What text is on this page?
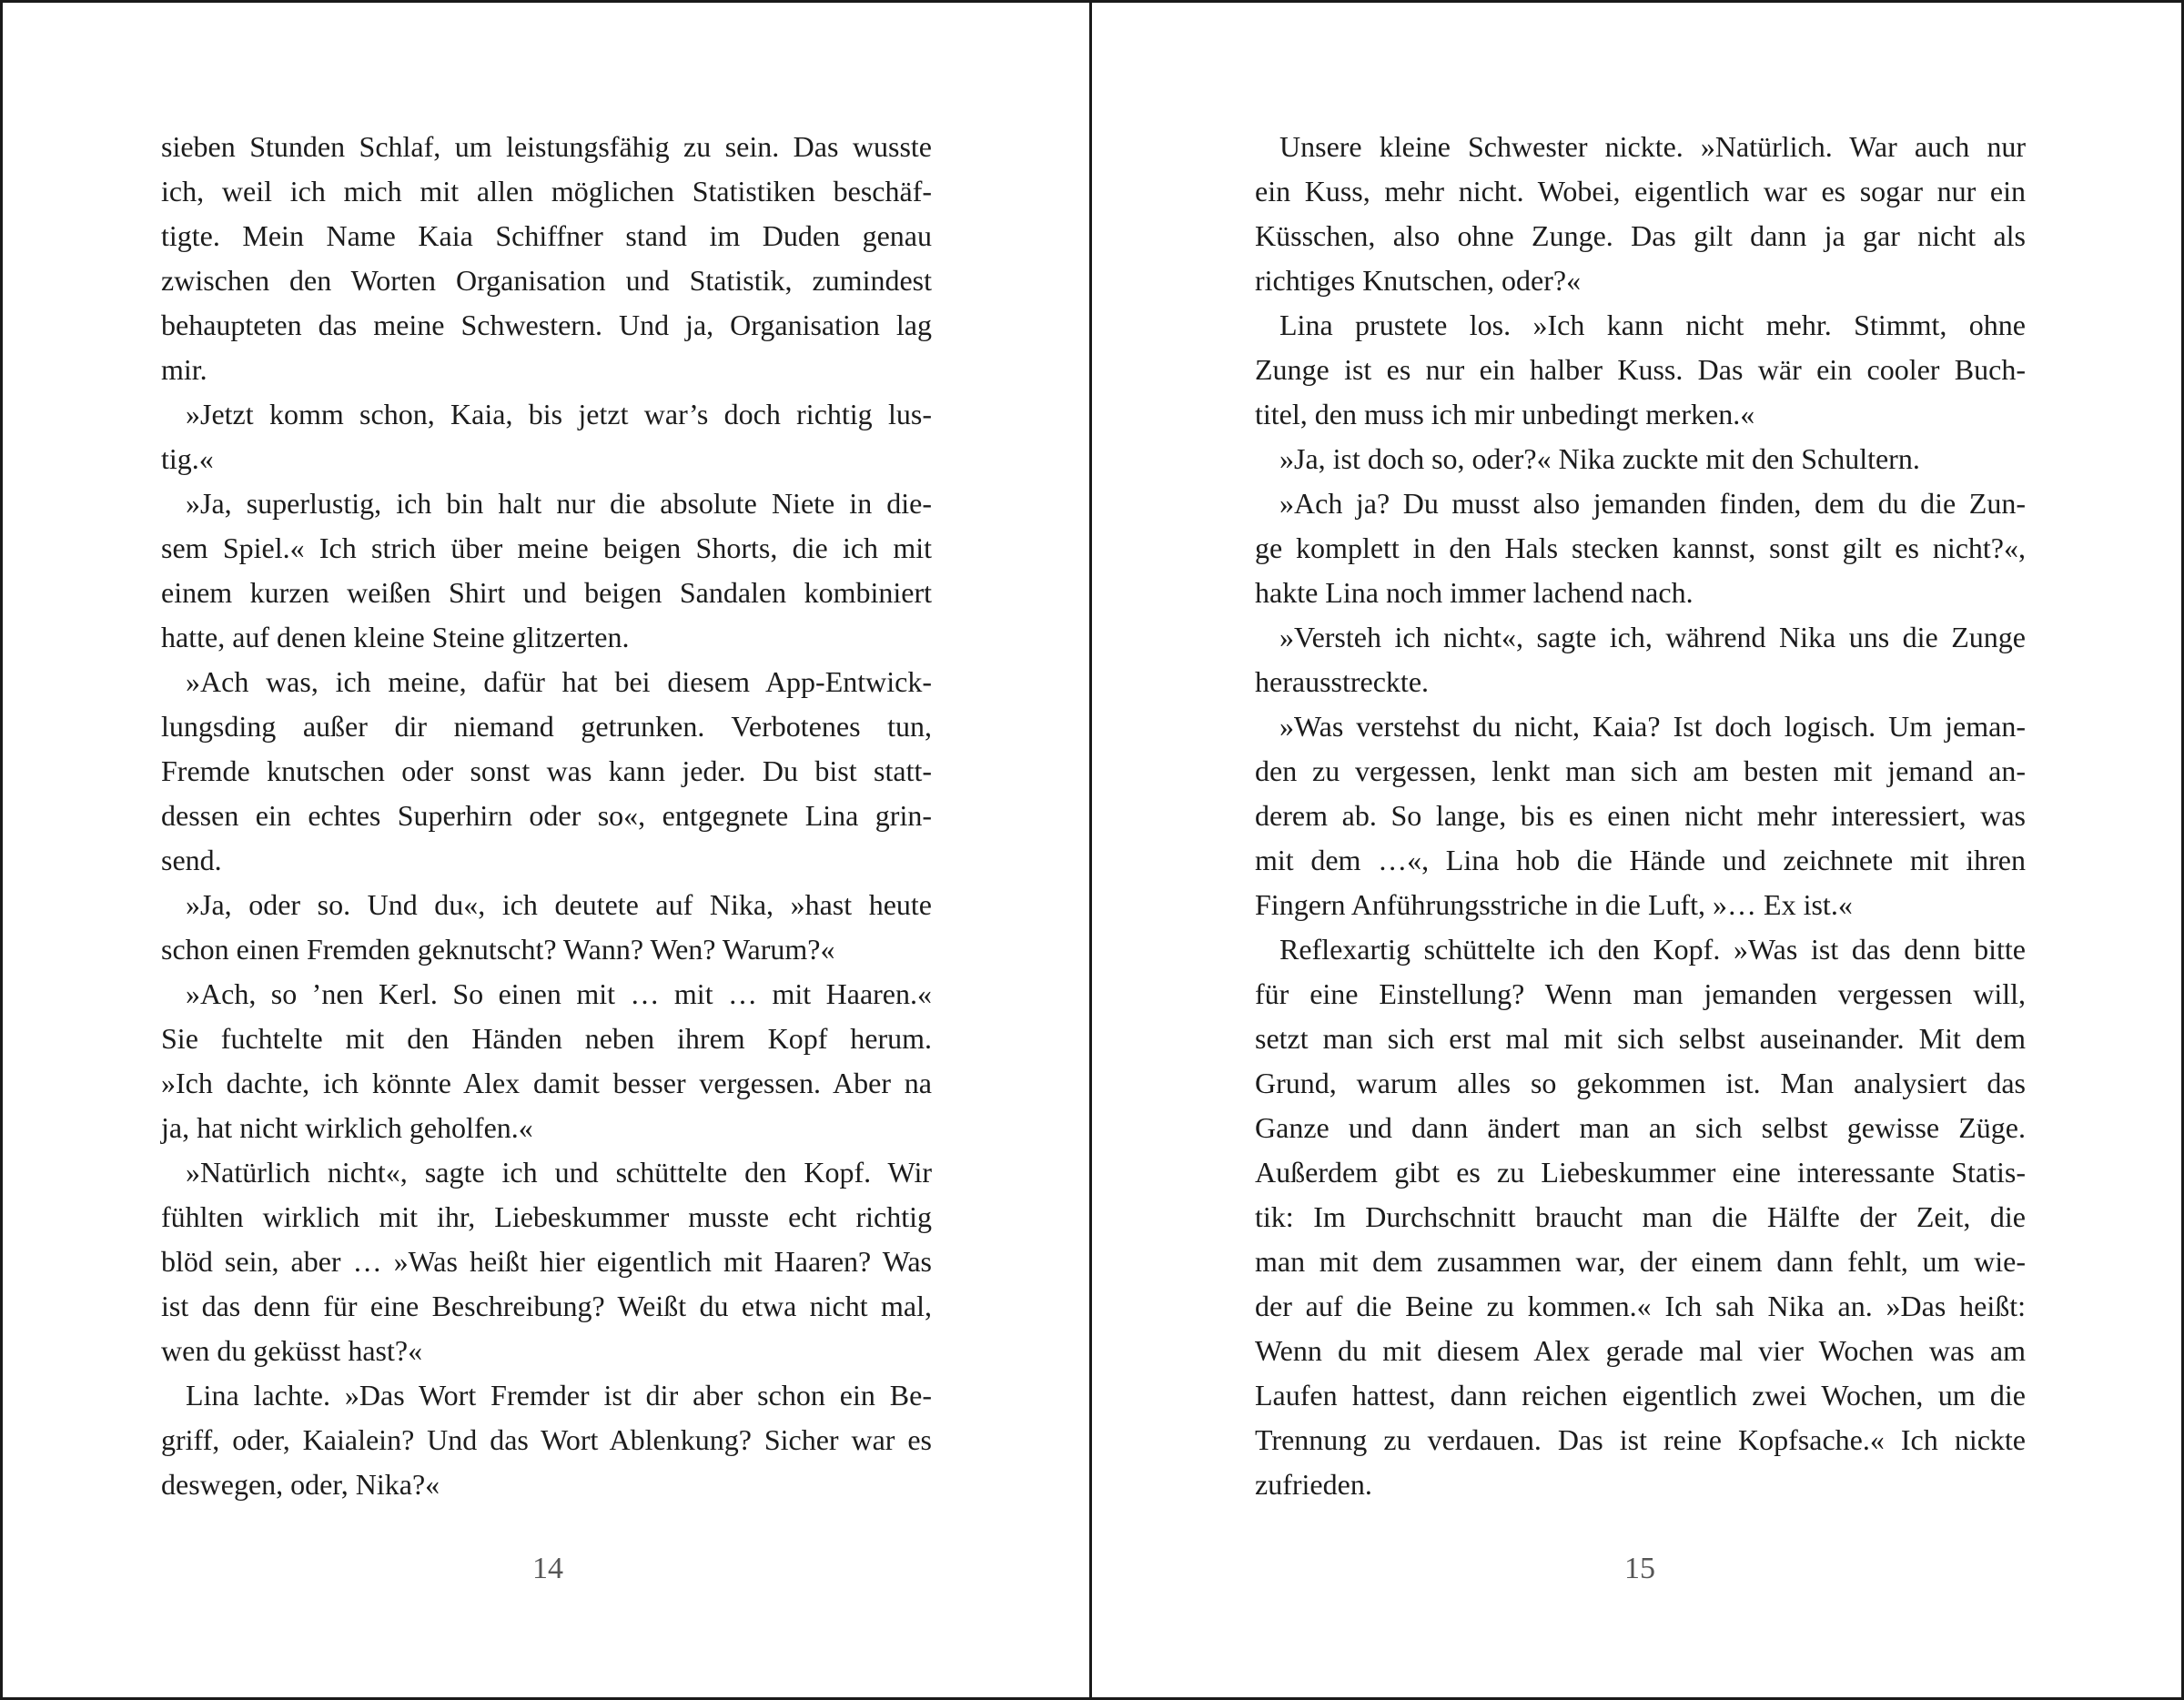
sieben Stunden Schlaf, um leistungsfähig zu sein. Das wusste
ich, weil ich mich mit allen möglichen Statistiken beschäf-
tigte. Mein Name Kaia Schiffner stand im Duden genau
zwischen den Worten Organisation und Statistik, zumindest
behaupteten das meine Schwestern. Und ja, Organisation lag
mir.
»Jetzt komm schon, Kaia, bis jetzt war’s doch richtig lus-
tig.«
»Ja, superlustig, ich bin halt nur die absolute Niete in die-
sem Spiel.« Ich strich über meine beigen Shorts, die ich mit
einem kurzen weißen Shirt und beigen Sandalen kombiniert
hatte, auf denen kleine Steine glitzerten.
»Ach was, ich meine, dafür hat bei diesem App-Entwick-
lungsding außer dir niemand getrunken. Verbotenes tun,
Fremde knutschen oder sonst was kann jeder. Du bist statt-
dessen ein echtes Superhirn oder so«, entgegnete Lina grin-
send.
»Ja, oder so. Und du«, ich deutete auf Nika, »hast heute
schon einen Fremden geknutscht? Wann? Wen? Warum?«
»Ach, so ’nen Kerl. So einen mit … mit … mit Haaren.«
Sie fuchtelte mit den Händen neben ihrem Kopf herum.
»Ich dachte, ich könnte Alex damit besser vergessen. Aber na
ja, hat nicht wirklich geholfen.«
»Natürlich nicht«, sagte ich und schüttelte den Kopf. Wir
fühlten wirklich mit ihr, Liebeskummer musste echt richtig
blöd sein, aber … »Was heißt hier eigentlich mit Haaren? Was
ist das denn für eine Beschreibung? Weißt du etwa nicht mal,
wen du geküsst hast?«
Lina lachte. »Das Wort Fremder ist dir aber schon ein Be-
griff, oder, Kaialein? Und das Wort Ablenkung? Sicher war es
deswegen, oder, Nika?«
14
Unsere kleine Schwester nickte. »Natürlich. War auch nur
ein Kuss, mehr nicht. Wobei, eigentlich war es sogar nur ein
Küsschen, also ohne Zunge. Das gilt dann ja gar nicht als
richtiges Knutschen, oder?«
Lina prustete los. »Ich kann nicht mehr. Stimmt, ohne
Zunge ist es nur ein halber Kuss. Das wär ein cooler Buch-
titel, den muss ich mir unbedingt merken.«
»Ja, ist doch so, oder?« Nika zuckte mit den Schultern.
»Ach ja? Du musst also jemanden finden, dem du die Zun-
ge komplett in den Hals stecken kannst, sonst gilt es nicht?«,
hakte Lina noch immer lachend nach.
»Versteh ich nicht«, sagte ich, während Nika uns die Zunge
herausstreckte.
»Was verstehst du nicht, Kaia? Ist doch logisch. Um jeman-
den zu vergessen, lenkt man sich am besten mit jemand an-
derem ab. So lange, bis es einen nicht mehr interessiert, was
mit dem …«, Lina hob die Hände und zeichnete mit ihren
Fingern Anführungsstriche in die Luft, »… Ex ist.«
Reflexartig schüttelte ich den Kopf. »Was ist das denn bitte
für eine Einstellung? Wenn man jemanden vergessen will,
setzt man sich erst mal mit sich selbst auseinander. Mit dem
Grund, warum alles so gekommen ist. Man analysiert das
Ganze und dann ändert man an sich selbst gewisse Züge.
Außerdem gibt es zu Liebeskummer eine interessante Statis-
tik: Im Durchschnitt braucht man die Hälfte der Zeit, die
man mit dem zusammen war, der einem dann fehlt, um wie-
der auf die Beine zu kommen.« Ich sah Nika an. »Das heißt:
Wenn du mit diesem Alex gerade mal vier Wochen was am
Laufen hattest, dann reichen eigentlich zwei Wochen, um die
Trennung zu verdauen. Das ist reine Kopfsache.« Ich nickte
zufrieden.
15
